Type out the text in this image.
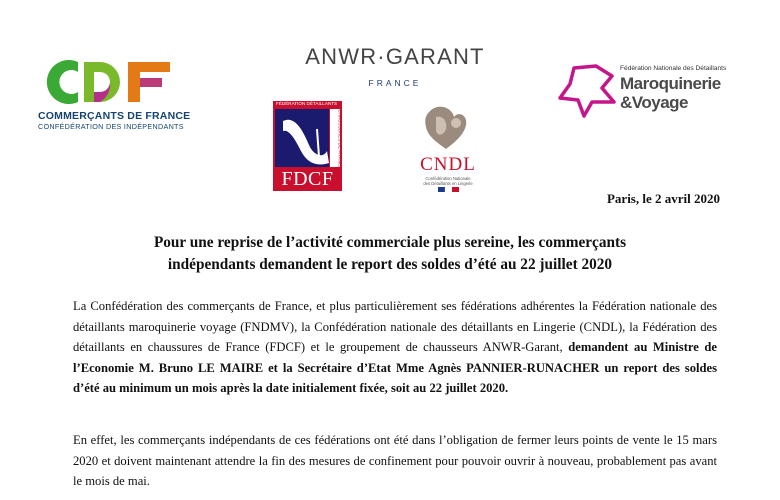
COMMERÇANTS DE FRANCE
CONFÉDÉRATION DES INDÉPENDANTS
ANWR·GARANT
FRANCE
FÉDÉRATION DÉTAILLANTS
CHAUSSURES DE FRANCE
FDCF
CNDL
Confédération Nationale
des Détaillants en Lingerie
Fédération Nationale des Détaillants
Maroquinerie
&Voyage
Paris, le 2 avril 2020
Pour une reprise de l’activité commerciale plus sereine, les commerçants
indépendants demandent le report des soldes d’été au 22 juillet 2020
La Confédération des commerçants de France, et plus particulièrement ses fédérations adhérentes la Fédération nationale des détaillants maroquinerie voyage (FNDMV), la Confédération nationale des détaillants en Lingerie (CNDL), la Fédération des détaillants en chaussures de France (FDCF) et le groupement de chausseurs ANWR-Garant, demandent au Ministre de l’Economie M. Bruno LE MAIRE et la Secrétaire d’Etat Mme Agnès PANNIER-RUNACHER un report des soldes d’été au minimum un mois après la date initialement fixée, soit au 22 juillet 2020.
En effet, les commerçants indépendants de ces fédérations ont été dans l’obligation de fermer leurs points de vente le 15 mars 2020 et doivent maintenant attendre la fin des mesures de confinement pour pouvoir ouvrir à nouveau, probablement pas avant le mois de mai.
